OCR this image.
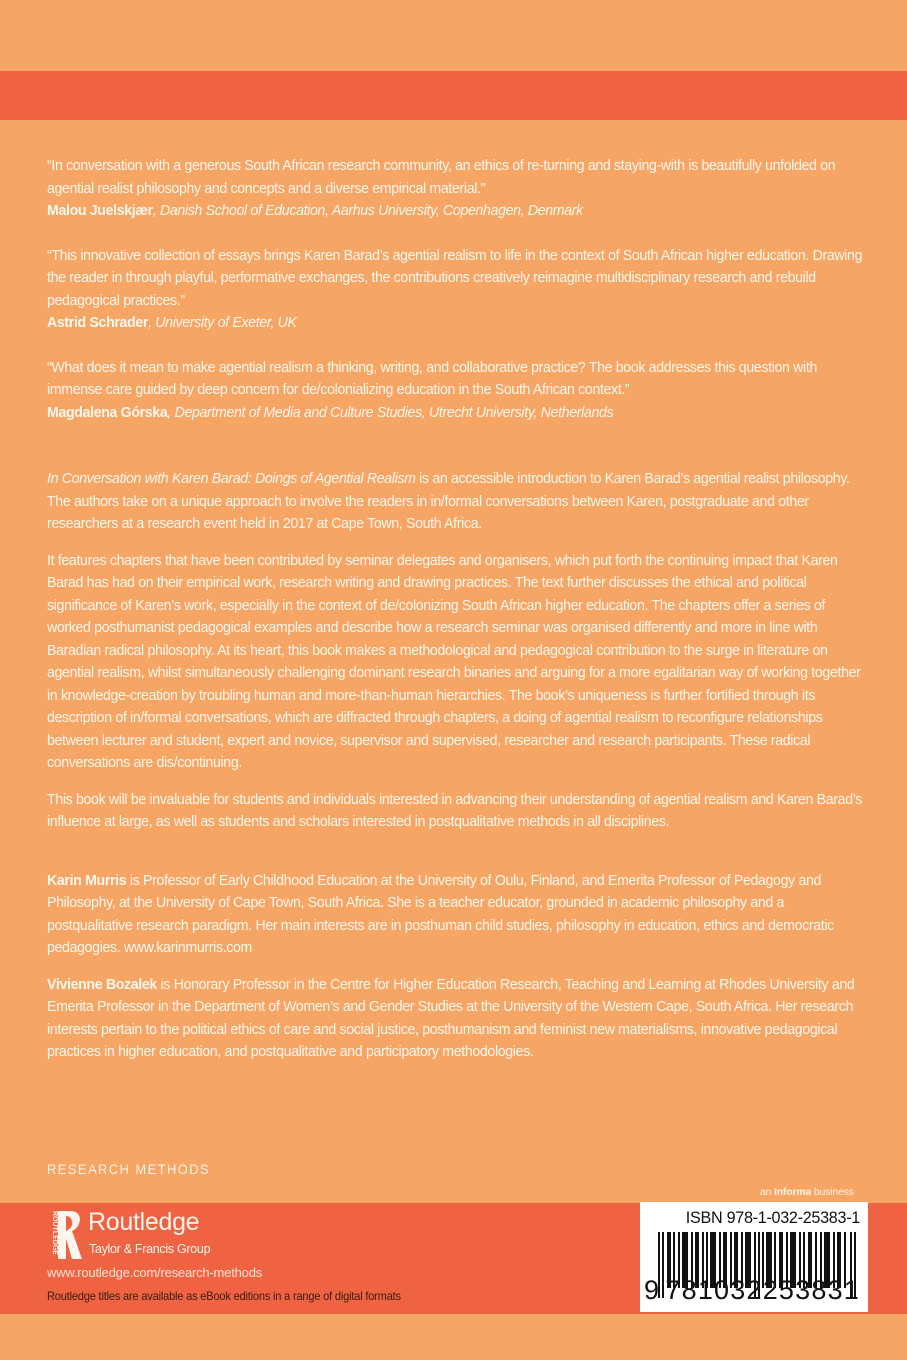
“In conversation with a generous South African research community, an ethics of re-turning and staying-with is beautifully unfolded on agential realist philosophy and concepts and a diverse empirical material.”
Malou Juelskjær, Danish School of Education, Aarhus University, Copenhagen, Denmark
“This innovative collection of essays brings Karen Barad’s agential realism to life in the context of South African higher education. Drawing the reader in through playful, performative exchanges, the contributions creatively reimagine multidisciplinary research and rebuild pedagogical practices.”
Astrid Schrader, University of Exeter, UK
“What does it mean to make agential realism a thinking, writing, and collaborative practice? The book addresses this question with immense care guided by deep concern for de/colonializing education in the South African context.”
Magdalena Górska, Department of Media and Culture Studies, Utrecht University, Netherlands

In Conversation with Karen Barad: Doings of Agential Realism is an accessible introduction to Karen Barad’s agential realist philosophy. The authors take on a unique approach to involve the readers in in/formal conversations between Karen, postgraduate and other researchers at a research event held in 2017 at Cape Town, South Africa.

It features chapters that have been contributed by seminar delegates and organisers, which put forth the continuing impact that Karen Barad has had on their empirical work, research writing and drawing practices. The text further discusses the ethical and political significance of Karen’s work, especially in the context of de/colonizing South African higher education. The chapters offer a series of worked posthumanist pedagogical examples and describe how a research seminar was organised differently and more in line with Baradian radical philosophy. At its heart, this book makes a methodological and pedagogical contribution to the surge in literature on agential realism, whilst simultaneously challenging dominant research binaries and arguing for a more egalitarian way of working together in knowledge-creation by troubling human and more-than-human hierarchies. The book’s uniqueness is further fortified through its description of in/formal conversations, which are diffracted through chapters, a doing of agential realism to reconfigure relationships between lecturer and student, expert and novice, supervisor and supervised, researcher and research participants. These radical conversations are dis/continuing.

This book will be invaluable for students and individuals interested in advancing their understanding of agential realism and Karen Barad’s influence at large, as well as students and scholars interested in postqualitative methods in all disciplines.

Karin Murris is Professor of Early Childhood Education at the University of Oulu, Finland, and Emerita Professor of Pedagogy and Philosophy, at the University of Cape Town, South Africa. She is a teacher educator, grounded in academic philosophy and a postqualitative research paradigm. Her main interests are in posthuman child studies, philosophy in education, ethics and democratic pedagogies. www.karinmurris.com

Vivienne Bozalek is Honorary Professor in the Centre for Higher Education Research, Teaching and Learning at Rhodes University and Emerita Professor in the Department of Women’s and Gender Studies at the University of the Western Cape, South Africa. Her research interests pertain to the political ethics of care and social justice, posthumanism and feminist new materialisms, innovative pedagogical practices in higher education, and postqualitative and participatory methodologies.

RESEARCH METHODS
an Informa business
ROUTLEDGE Routledge
Taylor & Francis Group
www.routledge.com/research-methods
Routledge titles are available as eBook editions in a range of digital formats
ISBN 978-1-032-25383-1
9 781032 253831
